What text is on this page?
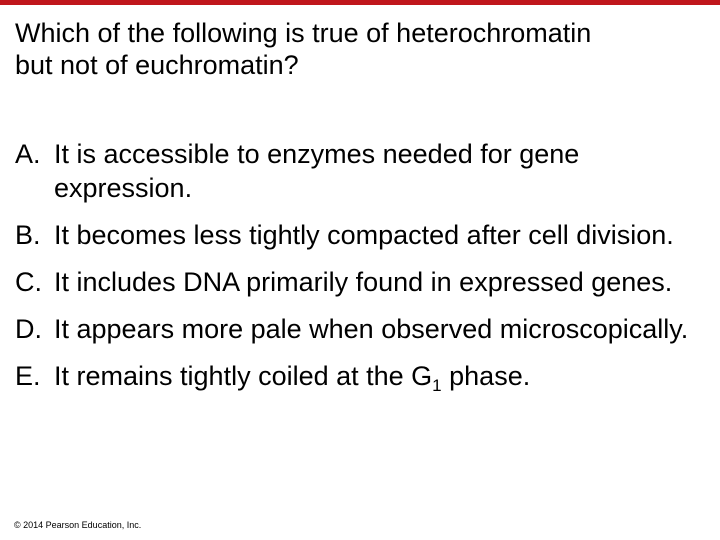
Which of the following is true of heterochromatin
but not of euchromatin?

A. It is accessible to enzymes needed for gene expression.
B. It becomes less tightly compacted after cell division.
C. It includes DNA primarily found in expressed genes.
D. It appears more pale when observed microscopically.
E. It remains tightly coiled at the $G_1$ phase.
© 2014 Pearson Education, Inc.
